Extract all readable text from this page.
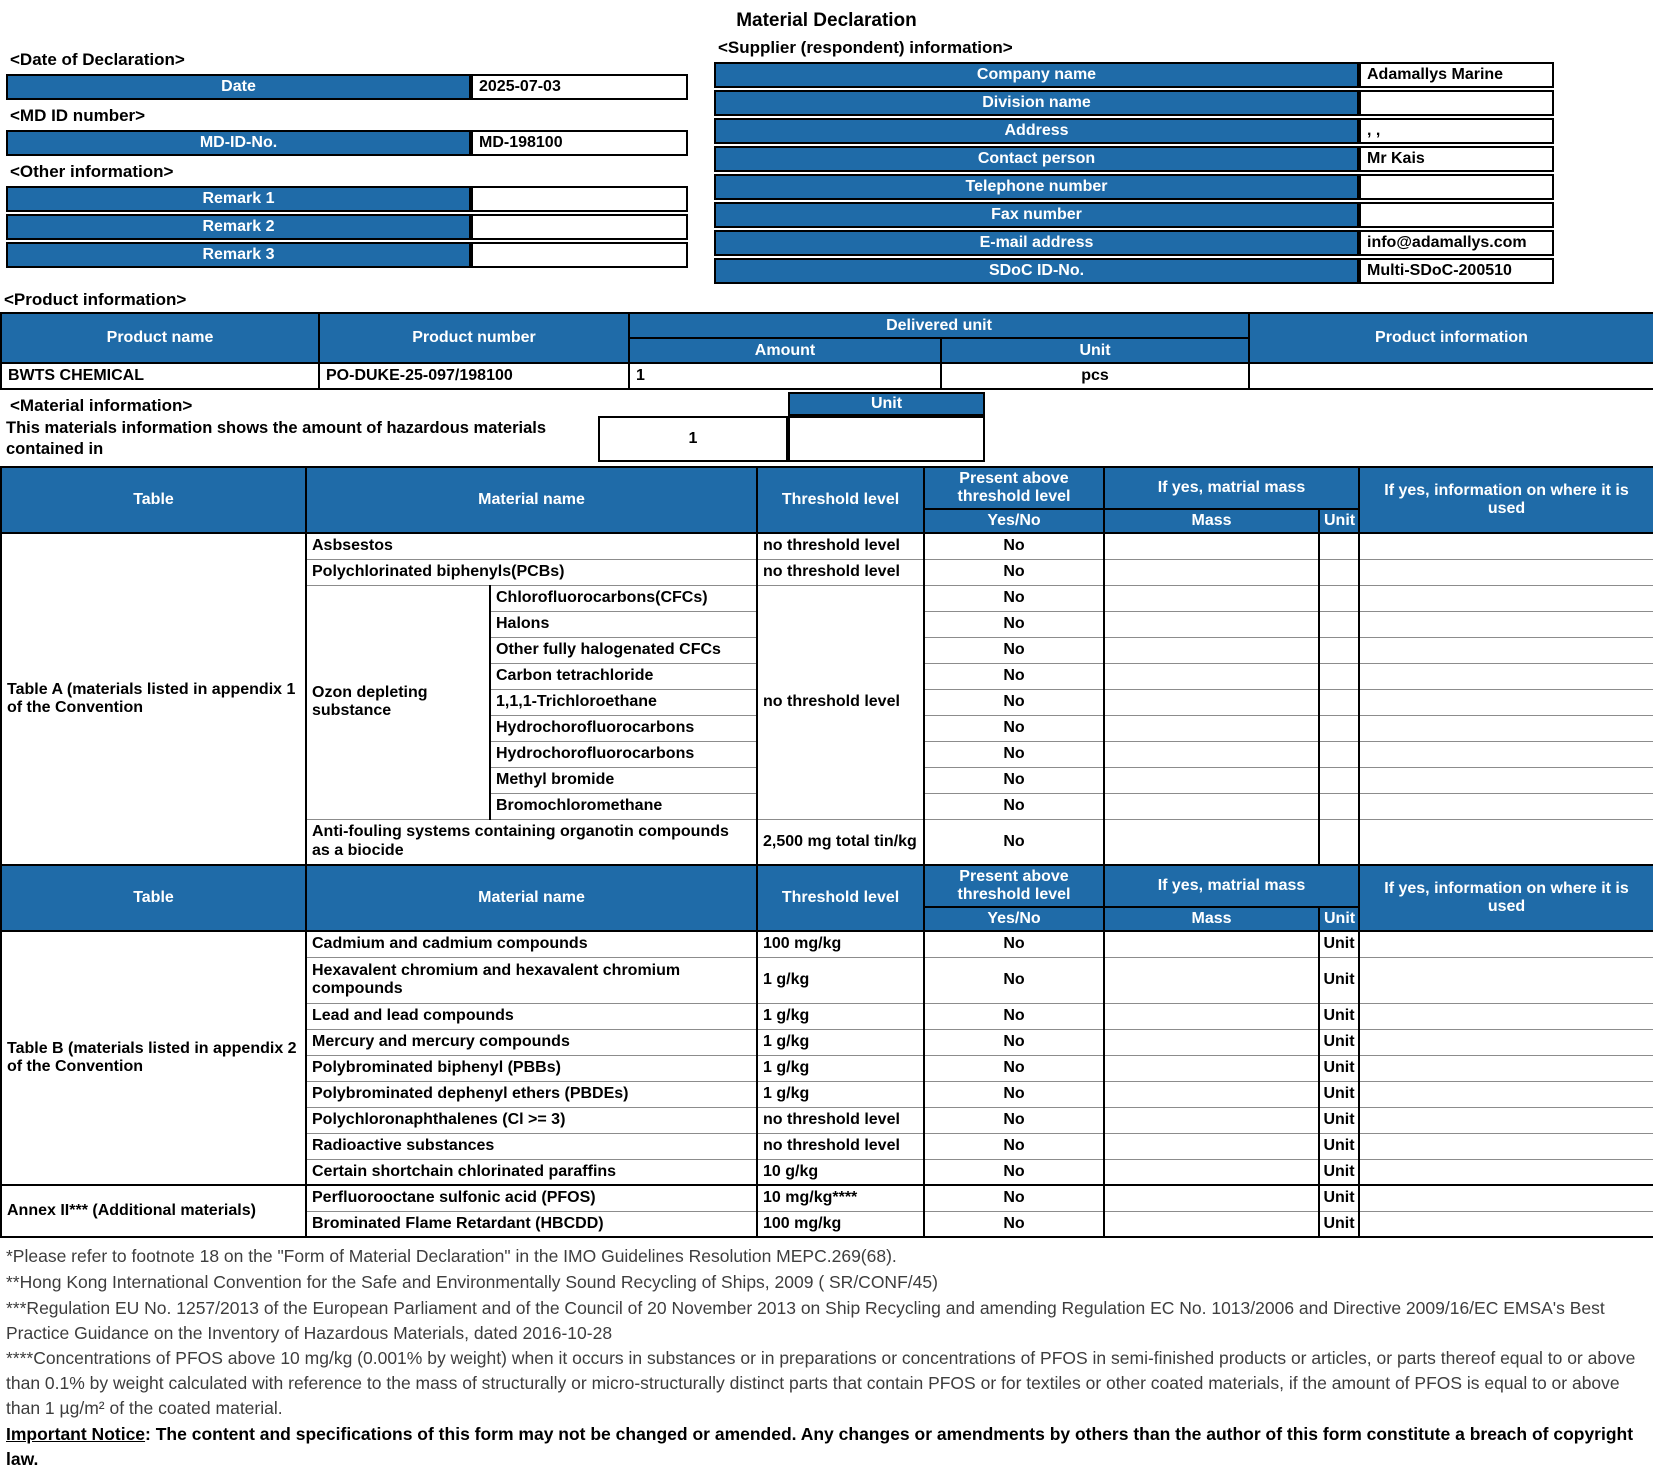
Material Declaration
<Date of Declaration>
Date	2025-07-03
<MD ID number>
MD-ID-No.	MD-198100
<Other information>
Remark 1	
Remark 2	
Remark 3	
<Supplier (respondent) information>
Company name	Adamallys Marine
Division name	
Address	, ,
Contact person	Mr Kais
Telephone number	
Fax number	
E-mail address	info@adamallys.com
SDoC ID-No.	Multi-SDoC-200510
<Product information>
Product name	Product number	Delivered unit		Product information
		Amount	Unit	
BWTS CHEMICAL	PO-DUKE-25-097/198100	1	pcs	
<Material information>
This materials information shows the amount of hazardous materials contained in
Unit
1
Table	Material name		Threshold level	Present above threshold level	If yes, matrial mass		If yes, information on where it is used
				Yes/No	Mass	Unit	
Table A (materials listed in appendix 1 of the Convention	Asbsestos		no threshold level	No			
	Polychlorinated biphenyls(PCBs)		no threshold level	No			
	Ozon depleting substance	Chlorofluorocarbons(CFCs)	no threshold level	No			
		Halons		No			
		Other fully halogenated CFCs		No			
		Carbon tetrachloride		No			
		1,1,1-Trichloroethane		No			
		Hydrochorofluorocarbons		No			
		Hydrochorofluorocarbons		No			
		Methyl bromide		No			
		Bromochloromethane		No			
	Anti-fouling systems containing organotin compounds as a biocide		2,500 mg total tin/kg	No			
Table	Material name		Threshold level	Present above threshold level	If yes, matrial mass		If yes, information on where it is used
				Yes/No	Mass	Unit	
Table B (materials listed in appendix 2 of the Convention	Cadmium and cadmium compounds		100 mg/kg	No		Unit	
	Hexavalent chromium and hexavalent chromium compounds		1 g/kg	No		Unit	
	Lead and lead compounds		1 g/kg	No		Unit	
	Mercury and mercury compounds		1 g/kg	No		Unit	
	Polybrominated biphenyl (PBBs)		1 g/kg	No		Unit	
	Polybrominated dephenyl ethers (PBDEs)		1 g/kg	No		Unit	
	Polychloronaphthalenes (Cl >= 3)		no threshold level	No		Unit	
	Radioactive substances		no threshold level	No		Unit	
	Certain shortchain chlorinated paraffins		10 g/kg	No		Unit	
Annex II*** (Additional materials)	Perfluorooctane sulfonic acid (PFOS)		10 mg/kg****	No		Unit	
	Brominated Flame Retardant (HBCDD)		100 mg/kg	No		Unit	
*Please refer to footnote 18 on the "Form of Material Declaration" in the IMO Guidelines Resolution MEPC.269(68).
**Hong Kong International Convention for the Safe and Environmentally Sound Recycling of Ships, 2009 ( SR/CONF/45)
***Regulation EU No. 1257/2013 of the European Parliament and of the Council of 20 November 2013 on Ship Recycling and amending Regulation EC No. 1013/2006 and Directive 2009/16/EC EMSA's Best Practice Guidance on the Inventory of Hazardous Materials, dated 2016-10-28
****Concentrations of PFOS above 10 mg/kg (0.001% by weight) when it occurs in substances or in preparations or concentrations of PFOS in semi-finished products or articles, or parts thereof equal to or above than 0.1% by weight calculated with reference to the mass of structurally or micro-structurally distinct parts that contain PFOS or for textiles or other coated materials, if the amount of PFOS is equal to or above than 1 µg/m² of the coated material.
Important Notice: The content and specifications of this form may not be changed or amended. Any changes or amendments by others than the author of this form constitute a breach of copyright law.
